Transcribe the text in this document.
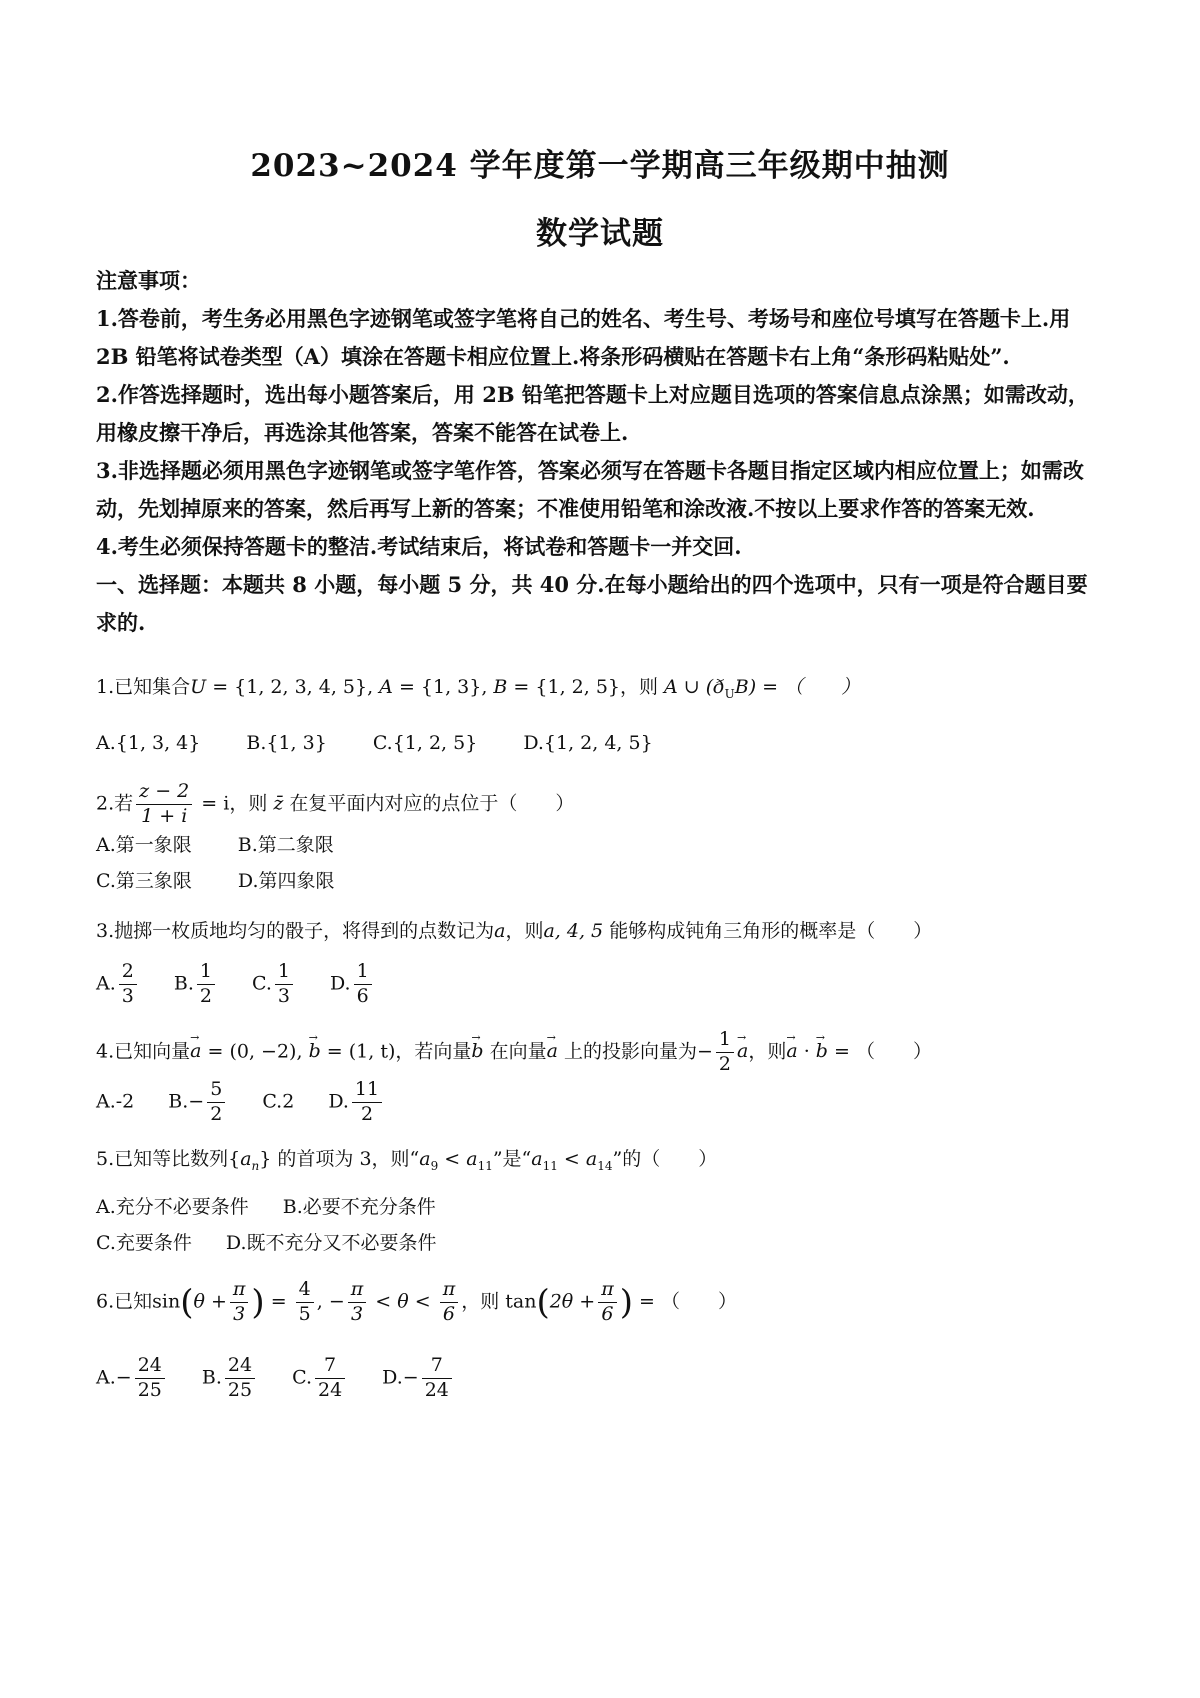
2023~2024 学年度第一学期高三年级期中抽测
数学试题

注意事项：

1.答卷前，考生务必用黑色字迹钢笔或签字笔将自己的姓名、考生号、考场号和座位号填写在答题卡上.用 2B 铅笔将试卷类型（A）填涂在答题卡相应位置上.将条形码横贴在答题卡右上角“条形码粘贴处”.

2.作答选择题时，选出每小题答案后，用 2B 铅笔把答题卡上对应题目选项的答案信息点涂黑；如需改动，用橡皮擦干净后，再选涂其他答案，答案不能答在试卷上.

3.非选择题必须用黑色字迹钢笔或签字笔作答，答案必须写在答题卡各题目指定区域内相应位置上；如需改动，先划掉原来的答案，然后再写上新的答案；不准使用铅笔和涂改液.不按以上要求作答的答案无效.

4.考生必须保持答题卡的整洁.考试结束后，将试卷和答题卡一并交回.

一、选择题：本题共 8 小题，每小题 5 分，共 40 分.在每小题给出的四个选项中，只有一项是符合题目要求的.

1.已知集合U = {1, 2, 3, 4, 5}, A = {1, 3}, B = {1, 2, 5}，则 A ∪ $(ð_UB)$ = （　　）
A.{1, 3, 4} B.{1, 3} C.{1, 2, 5} D.{1, 2, 4, 5}
2.若 $\frac{z - 2}{1 + i} = i$，则 z̄ 在复平面内对应的点位于（　　）
A.第一象限 B.第二象限
C.第三象限 D.第四象限
3.抛掷一枚质地均匀的骰子，将得到的点数记为a，则a, 4, 5 能够构成钝角三角形的概率是（　　）
A. $\frac{2}{3} B$. $\frac{1}{2} C$. $\frac{1}{3} D$. $\frac{1}{6}$
4.已知向量→ a = (0, −2), → b = (1, t)，若向量→ b 在向量→ a 上的投影向量为− $\frac{1}{2}$
→ a，则→ a · → b = （　　）
A.-2 $B.- \frac{5}{2} C.2$ D. $\frac{11}{2}$
5.已知等比数列$\{a_n\}$ 的首项为 3，则“$a_9 < a_{11}$”是“$a_{11} < a_{14}$”的（　　）
A.充分不必要条件 B.必要不充分条件
C.充要条件 D.既不充分又不必要条件
6.已知$\sin(\theta + \frac{\pi}{3}$ ) = $\frac{4}{5}$ , − $\frac{\pi}{3} < \theta < \frac{\pi}{6}$ ，则 $\tan(2\theta + \frac{\pi}{6}$ ) = （　　）
$A.- \frac{24}{25} B$. $\frac{24}{25} C$. $\frac{7}{24} D.- \frac{7}{24}$
